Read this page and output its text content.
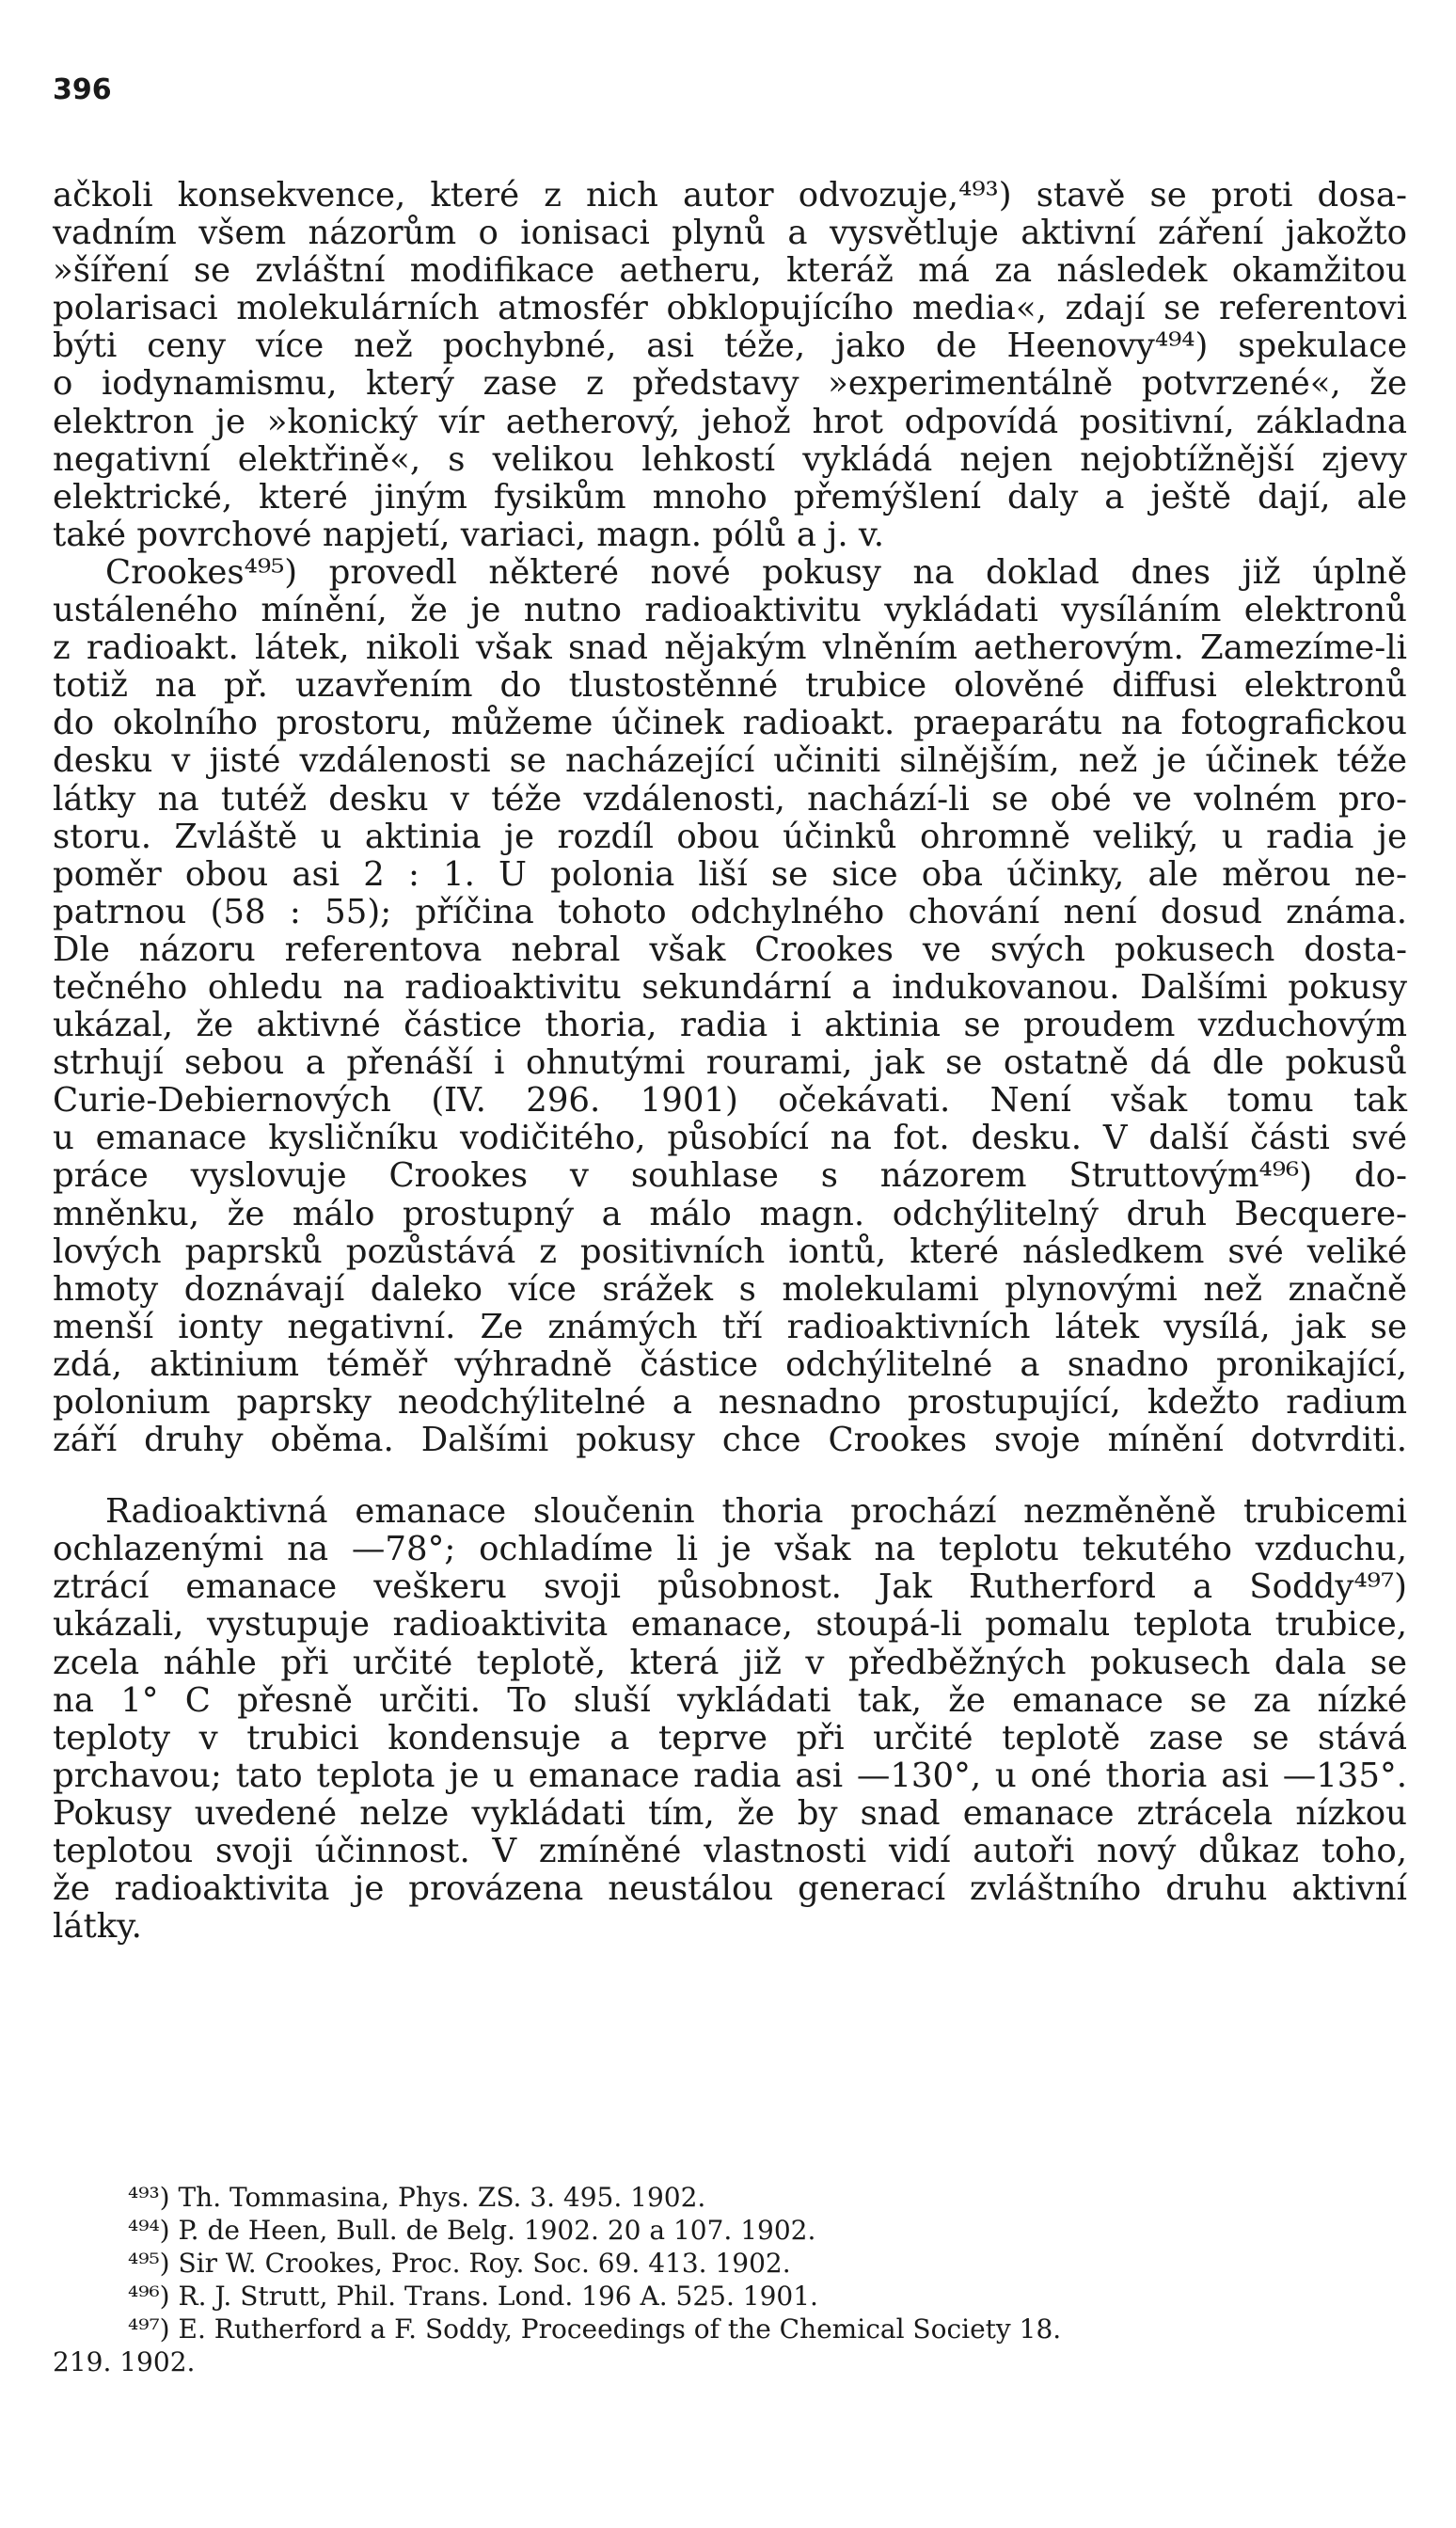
396
ačkoli konsekvence, které z nich autor odvozuje,⁴⁹³) stavě se proti dosa-
vadním všem názorům o ionisaci plynů a vysvětluje aktivní záření jakožto
»šíření se zvláštní modifikace aetheru, kteráž má za následek okamžitou
polarisaci molekulárních atmosfér obklopujícího media«, zdají se referentovi
býti ceny více než pochybné, asi téže, jako de Heenovy⁴⁹⁴) spekulace
o iodynamismu, který zase z představy »experimentálně potvrzené«, že
elektron je »konický vír aetherový, jehož hrot odpovídá positivní, základna
negativní elektřině«, s velikou lehkostí vykládá nejen nejobtížnější zjevy
elektrické, které jiným fysikům mnoho přemýšlení daly a ještě dají, ale
také povrchové napjetí, variaci, magn. pólů a j. v.
Crookes⁴⁹⁵) provedl některé nové pokusy na doklad dnes již úplně
ustáleného mínění, že je nutno radioaktivitu vykládati vysíláním elektronů
z radioakt. látek, nikoli však snad nějakým vlněním aetherovým. Zamezíme-li
totiž na př. uzavřením do tlustostěnné trubice olověné diffusi elektronů
do okolního prostoru, můžeme účinek radioakt. praeparátu na fotografickou
desku v jisté vzdálenosti se nacházející učiniti silnějším, než je účinek téže
látky na tutéž desku v téže vzdálenosti, nachází-li se obé ve volném pro-
storu. Zvláště u aktinia je rozdíl obou účinků ohromně veliký, u radia je
poměr obou asi 2 : 1. U polonia liší se sice oba účinky, ale měrou ne-
patrnou (58 : 55); příčina tohoto odchylného chování není dosud známa.
Dle názoru referentova nebral však Crookes ve svých pokusech dosta-
tečného ohledu na radioaktivitu sekundární a indukovanou. Dalšími pokusy
ukázal, že aktivné částice thoria, radia i aktinia se proudem vzduchovým
strhují sebou a přenáší i ohnutými rourami, jak se ostatně dá dle pokusů
Curie-Debiernových (IV. 296. 1901) očekávati. Není však tomu tak
u emanace kysličníku vodičitého, působící na fot. desku. V další části své
práce vyslovuje Crookes v souhlase s názorem Struttovým⁴⁹⁶) do-
mněnku, že málo prostupný a málo magn. odchýlitelný druh Becquere-
lových paprsků pozůstává z positivních iontů, které následkem své veliké
hmoty doznávají daleko více srážek s molekulami plynovými než značně
menší ionty negativní. Ze známých tří radioaktivních látek vysílá, jak se
zdá, aktinium téměř výhradně částice odchýlitelné a snadno pronikající,
polonium paprsky neodchýlitelné a nesnadno prostupující, kdežto radium
září druhy oběma. Dalšími pokusy chce Crookes svoje mínění dotvrditi.
Radioaktivná emanace sloučenin thoria prochází nezměněně trubicemi
ochlazenými na —78°; ochladíme li je však na teplotu tekutého vzduchu,
ztrácí emanace veškeru svoji působnost. Jak Rutherford a Soddy⁴⁹⁷)
ukázali, vystupuje radioaktivita emanace, stoupá-li pomalu teplota trubice,
zcela náhle při určité teplotě, která již v předběžných pokusech dala se
na 1° C přesně určiti. To sluší vykládati tak, že emanace se za nízké
teploty v trubici kondensuje a teprve při určité teplotě zase se stává
prchavou; tato teplota je u emanace radia asi —130°, u oné thoria asi —135°.
Pokusy uvedené nelze vykládati tím, že by snad emanace ztrácela nízkou
teplotou svoji účinnost. V zmíněné vlastnosti vidí autoři nový důkaz toho,
že radioaktivita je provázena neustálou generací zvláštního druhu aktivní
látky.
⁴⁹³) Th. Tommasina, Phys. ZS. 3. 495. 1902.
⁴⁹⁴) P. de Heen, Bull. de Belg. 1902. 20 a 107. 1902.
⁴⁹⁵) Sir W. Crookes, Proc. Roy. Soc. 69. 413. 1902.
⁴⁹⁶) R. J. Strutt, Phil. Trans. Lond. 196 A. 525. 1901.
⁴⁹⁷) E. Rutherford a F. Soddy, Proceedings of the Chemical Society 18.
219. 1902.
